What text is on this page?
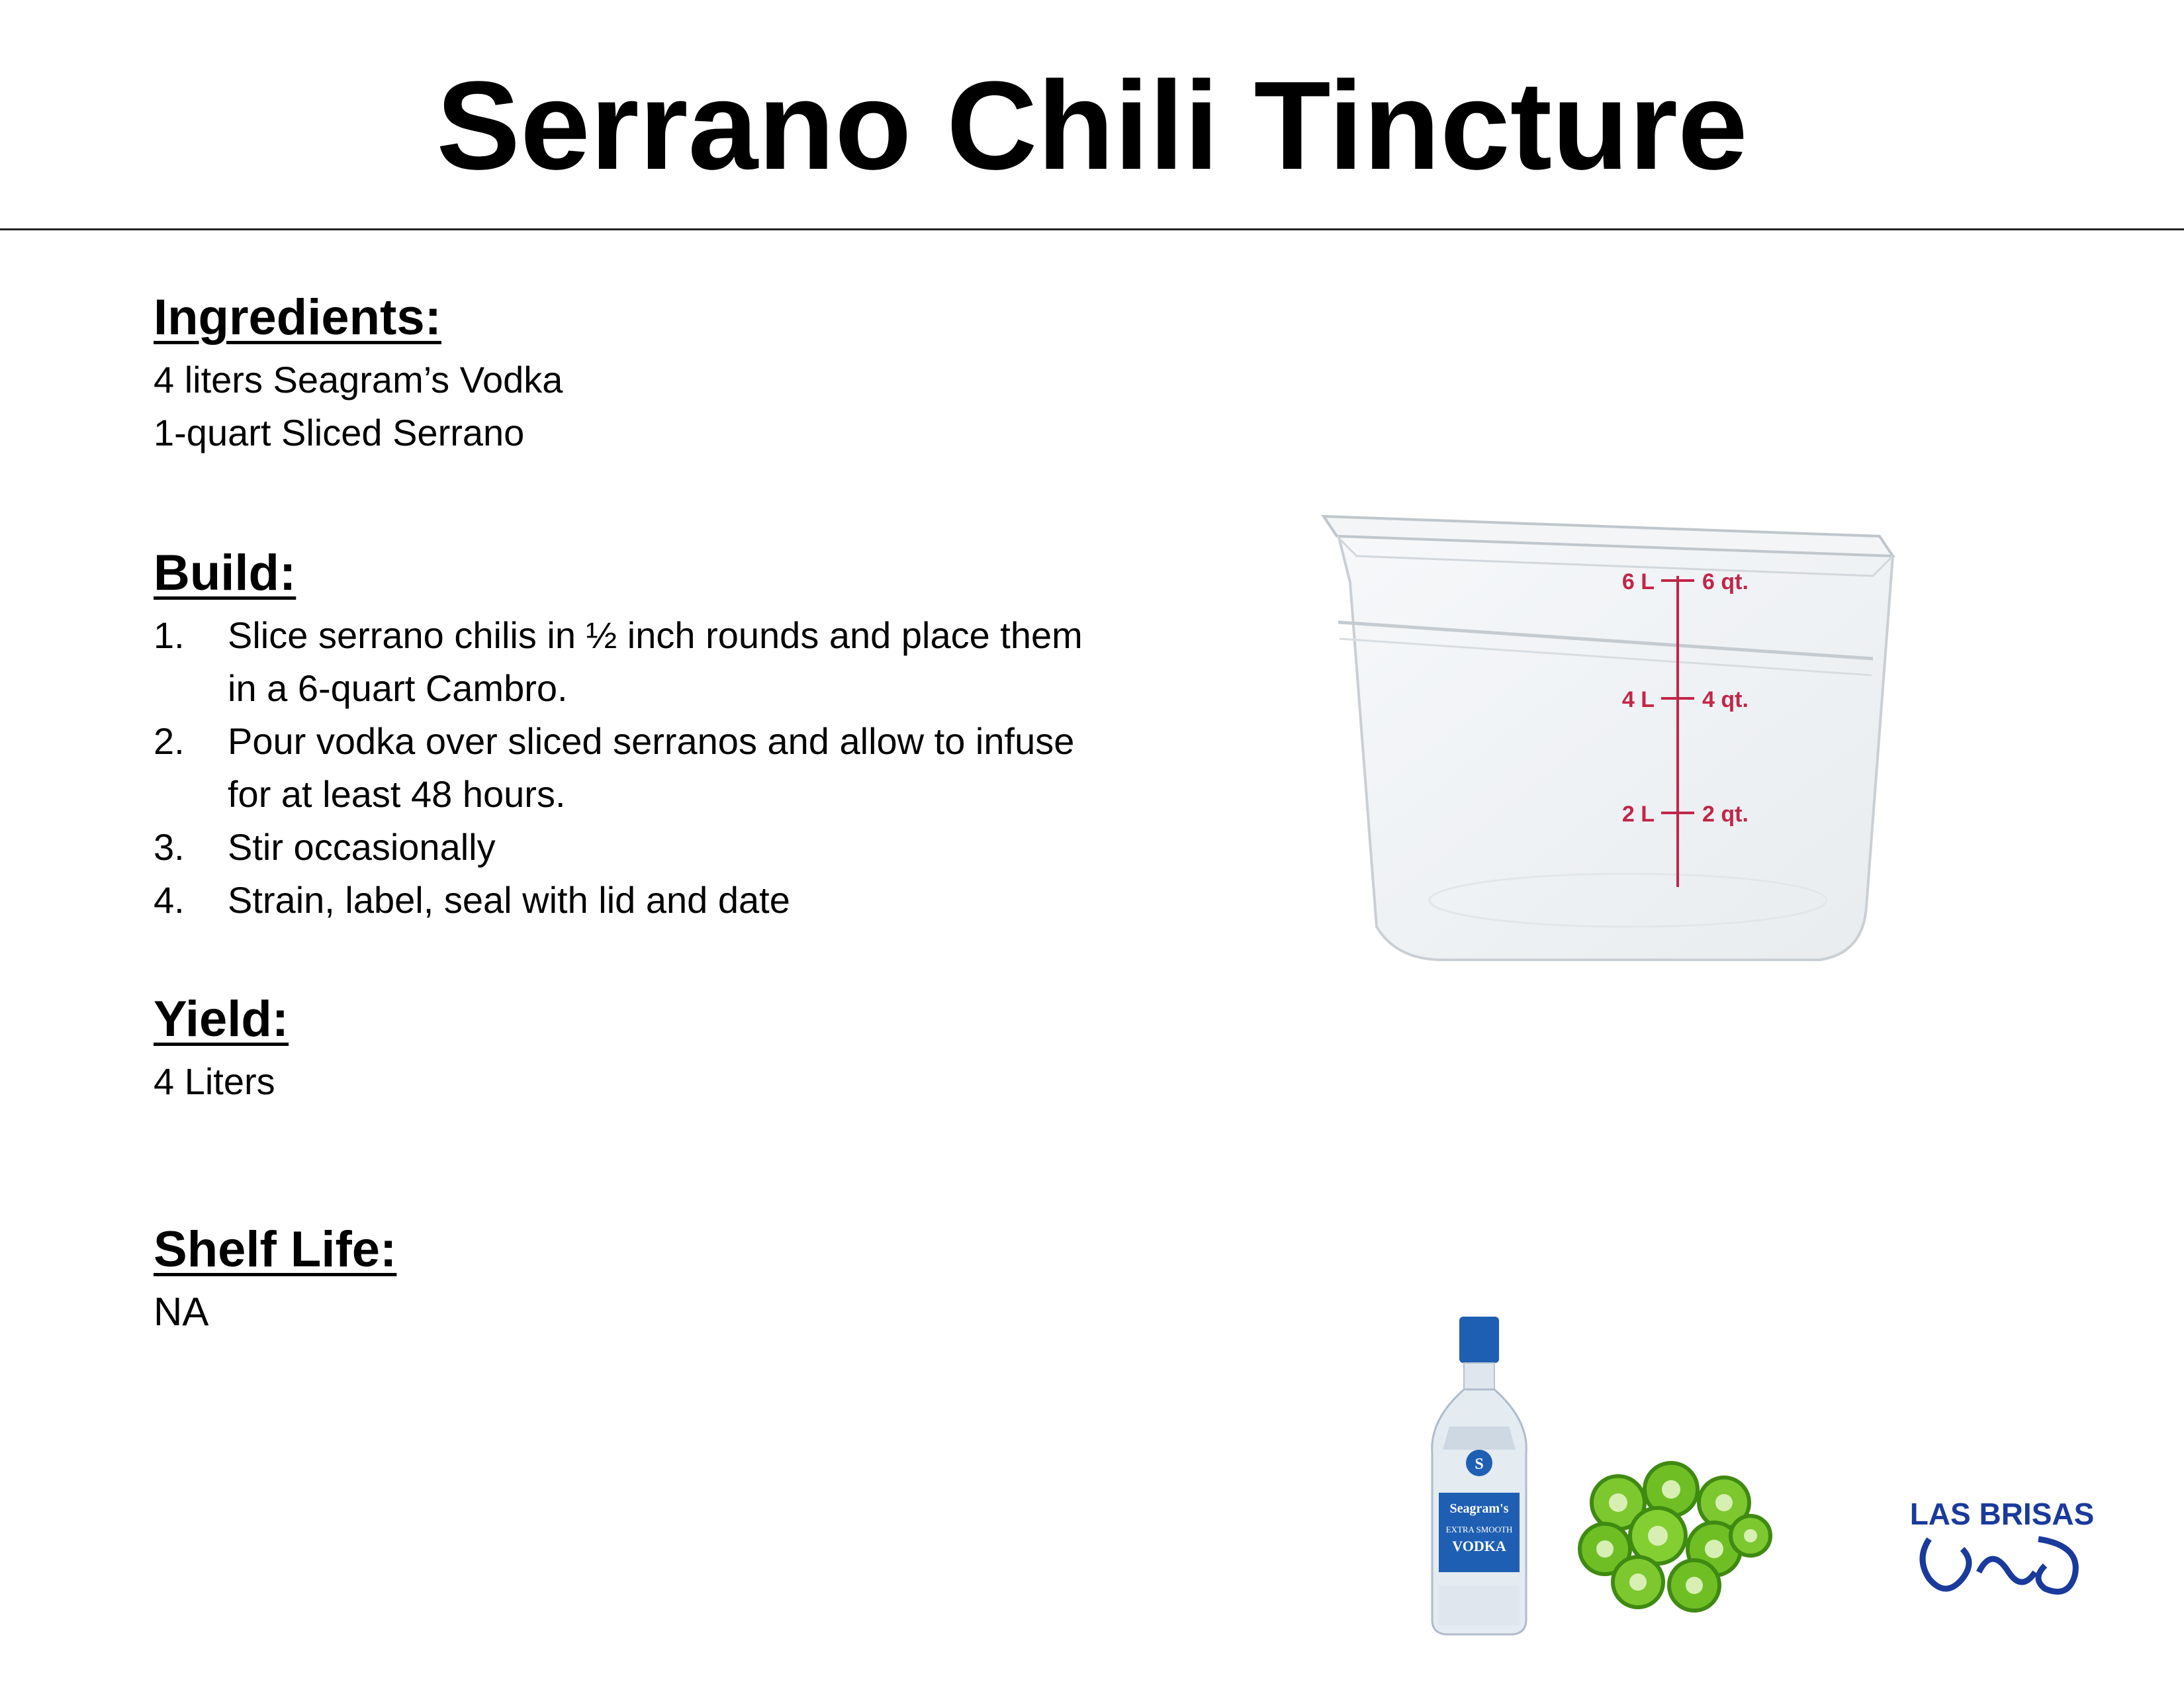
Serrano Chili Tincture
Ingredients:
4 liters Seagram’s Vodka
1-quart Sliced Serrano
Build:
1. Slice serrano chilis in ½ inch rounds and place them in a 6-quart Cambro.
2. Pour vodka over sliced serranos and allow to infuse for at least 48 hours.
3. Stir occasionally
4. Strain, label, seal with lid and date
Yield:
4 Liters
Shelf Life:
NA
6 L 6 qt.
4 L 4 qt.
2 L 2 qt.
S
Seagram's
EXTRA SMOOTH
VODKA
LAS BRISAS
